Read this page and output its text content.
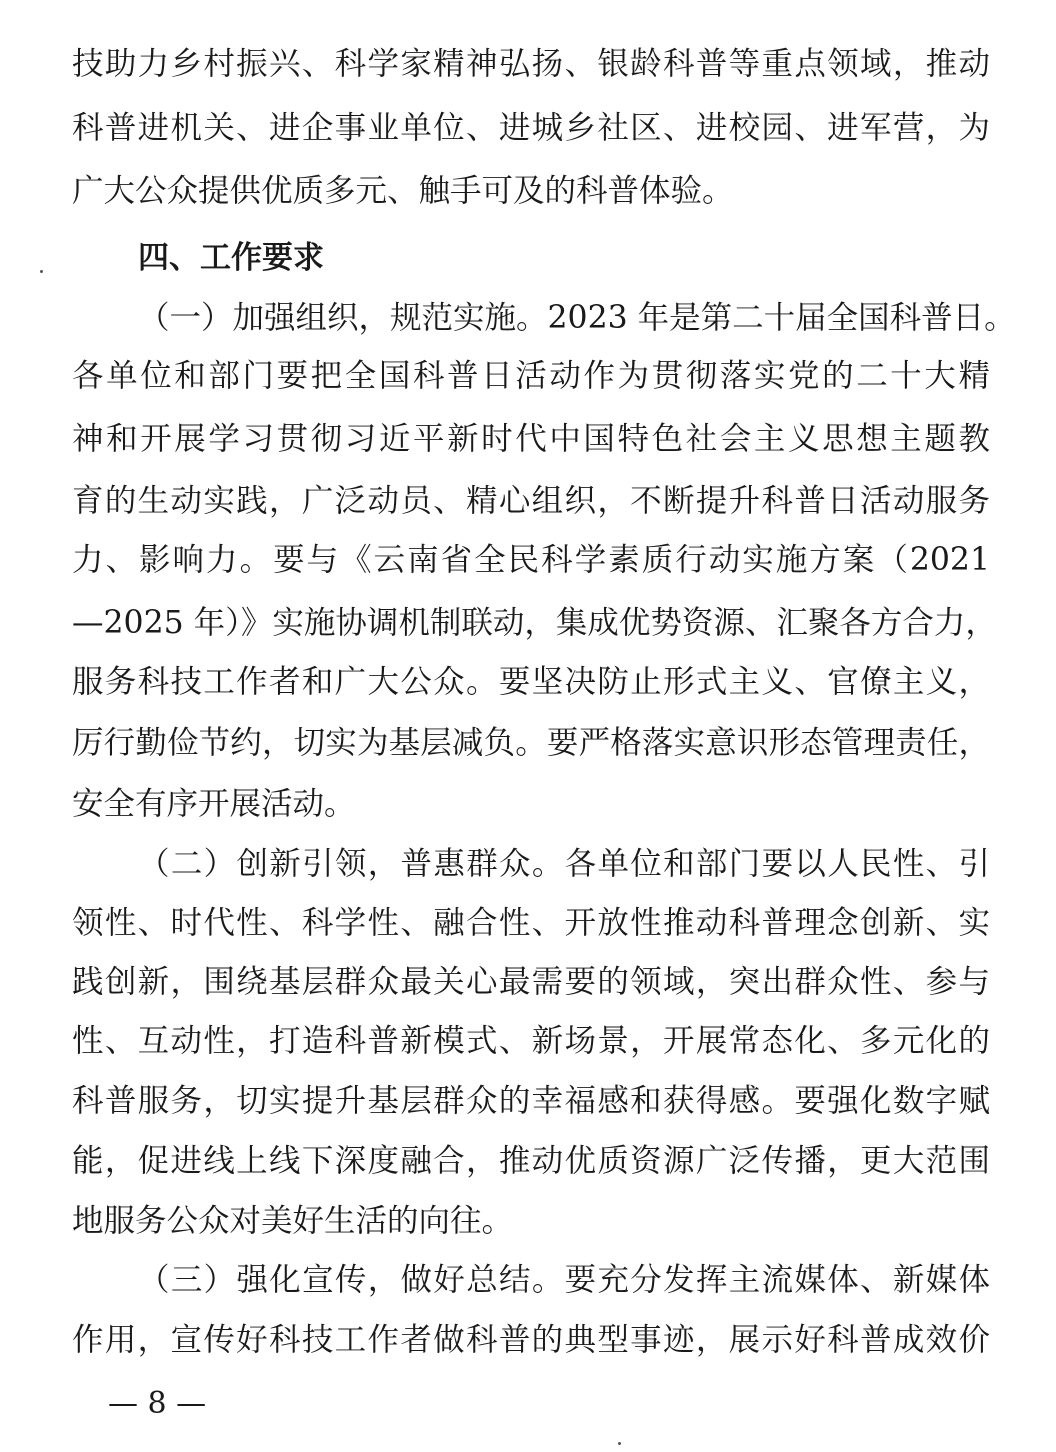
技助力乡村振兴、科学家精神弘扬、银龄科普等重点领域，推动
科普进机关、进企事业单位、进城乡社区、进校园、进军营，为
广大公众提供优质多元、触手可及的科普体验。
四、工作要求
（一）加强组织，规范实施。2023 年是第二十届全国科普日。
各单位和部门要把全国科普日活动作为贯彻落实党的二十大精
神和开展学习贯彻习近平新时代中国特色社会主义思想主题教
育的生动实践，广泛动员、精心组织，不断提升科普日活动服务
力、影响力。要与《云南省全民科学素质行动实施方案（2021
—2025 年）》实施协调机制联动，集成优势资源、汇聚各方合力，
服务科技工作者和广大公众。要坚决防止形式主义、官僚主义，
厉行勤俭节约，切实为基层减负。要严格落实意识形态管理责任，
安全有序开展活动。
（二）创新引领，普惠群众。各单位和部门要以人民性、引
领性、时代性、科学性、融合性、开放性推动科普理念创新、实
践创新，围绕基层群众最关心最需要的领域，突出群众性、参与
性、互动性，打造科普新模式、新场景，开展常态化、多元化的
科普服务，切实提升基层群众的幸福感和获得感。要强化数字赋
能，促进线上线下深度融合，推动优质资源广泛传播，更大范围
地服务公众对美好生活的向往。
（三）强化宣传，做好总结。要充分发挥主流媒体、新媒体
作用，宣传好科技工作者做科普的典型事迹，展示好科普成效价
— 8 —
